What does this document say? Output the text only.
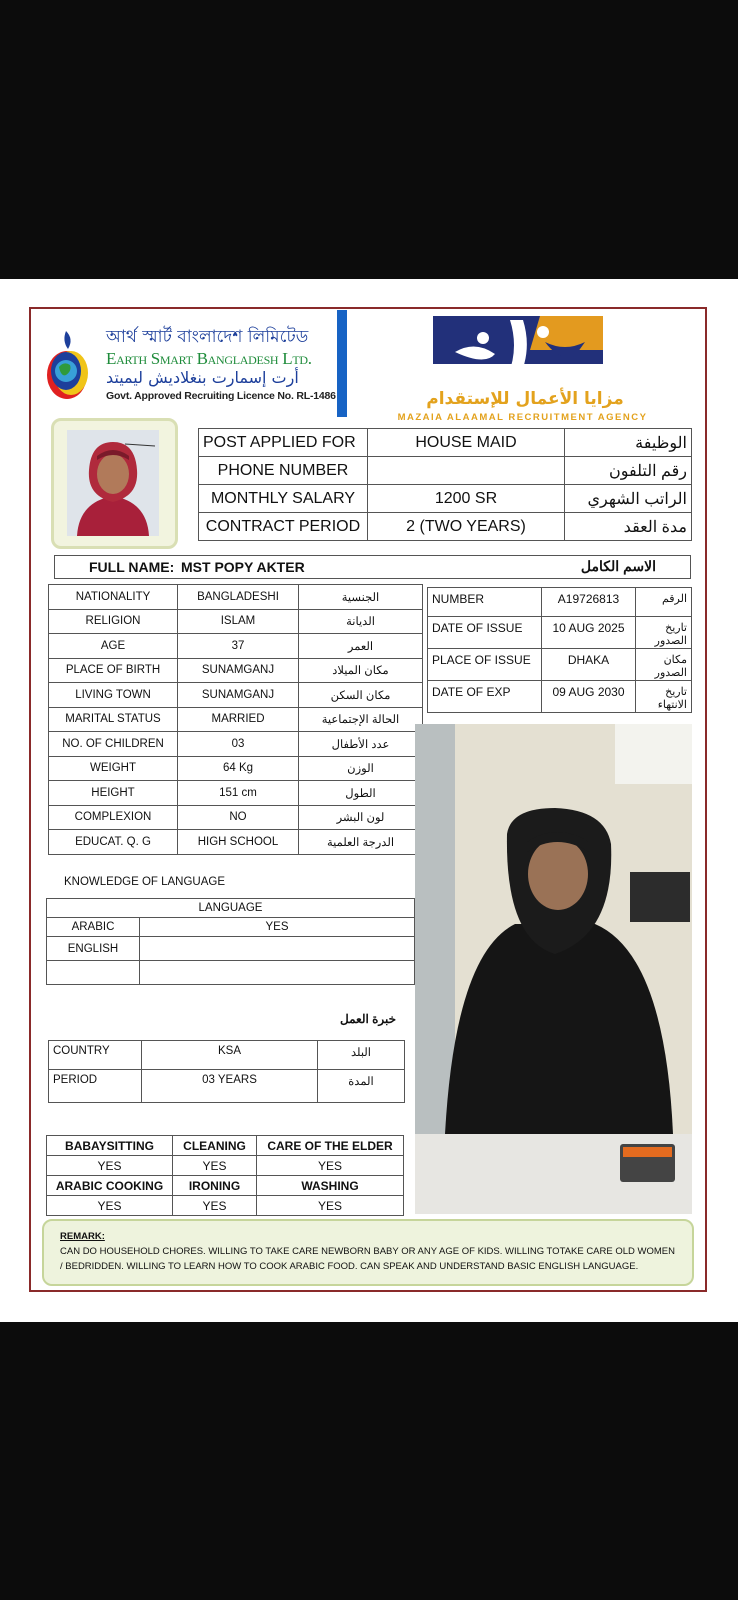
আর্থ স্মার্ট বাংলাদেশ লিমিটেড
Earth Smart Bangladesh Ltd.
أرت إسمارت بنغلاديش ليميتد
Govt. Approved Recruiting Licence No. RL-1486	مزايا الأعمال للإستقدام
MAZAIA ALAAMAL RECRUITMENT AGENCY
POST APPLIED FOR	HOUSE MAID	الوظيفة
PHONE NUMBER		رقم التلفون
MONTHLY SALARY	1200 SR	الراتب الشهري
CONTRACT PERIOD	2 (TWO YEARS)	مدة العقد
FULL NAME: MST POPY AKTER	الاسم الكامل
NATIONALITY	BANGLADESHI	الجنسية
RELIGION	ISLAM	الديانة
AGE	37	العمر
PLACE OF BIRTH	SUNAMGANJ	مكان الميلاد
LIVING TOWN	SUNAMGANJ	مكان السكن
MARITAL STATUS	MARRIED	الحالة الإجتماعية
NO. OF CHILDREN	03	عدد الأطفال
WEIGHT	64 Kg	الوزن
HEIGHT	151 cm	الطول
COMPLEXION	NO	لون البشر
EDUCAT. Q. G	HIGH SCHOOL	الدرجة العلمية
NUMBER	A19726813	الرقم
DATE OF ISSUE	10 AUG 2025	تاريخ الصدور
PLACE OF ISSUE	DHAKA	مكان الصدور
DATE OF EXP	09 AUG 2030	تاريخ الانتهاء
KNOWLEDGE OF LANGUAGE
LANGUAGE	
ARABIC	YES
ENGLISH	

خبرة العمل
COUNTRY	KSA	البلد
PERIOD	03 YEARS	المدة
BABAYSITTING	CLEANING	CARE OF THE ELDER
YES	YES	YES
ARABIC COOKING	IRONING	WASHING
YES	YES	YES
REMARK:
CAN DO HOUSEHOLD CHORES. WILLING TO TAKE CARE NEWBORN BABY OR ANY AGE OF KIDS. WILLING TOTAKE CARE OLD WOMEN / BEDRIDDEN. WILLING TO LEARN HOW TO COOK ARABIC FOOD. CAN SPEAK AND UNDERSTAND BASIC ENGLISH LANGUAGE.
